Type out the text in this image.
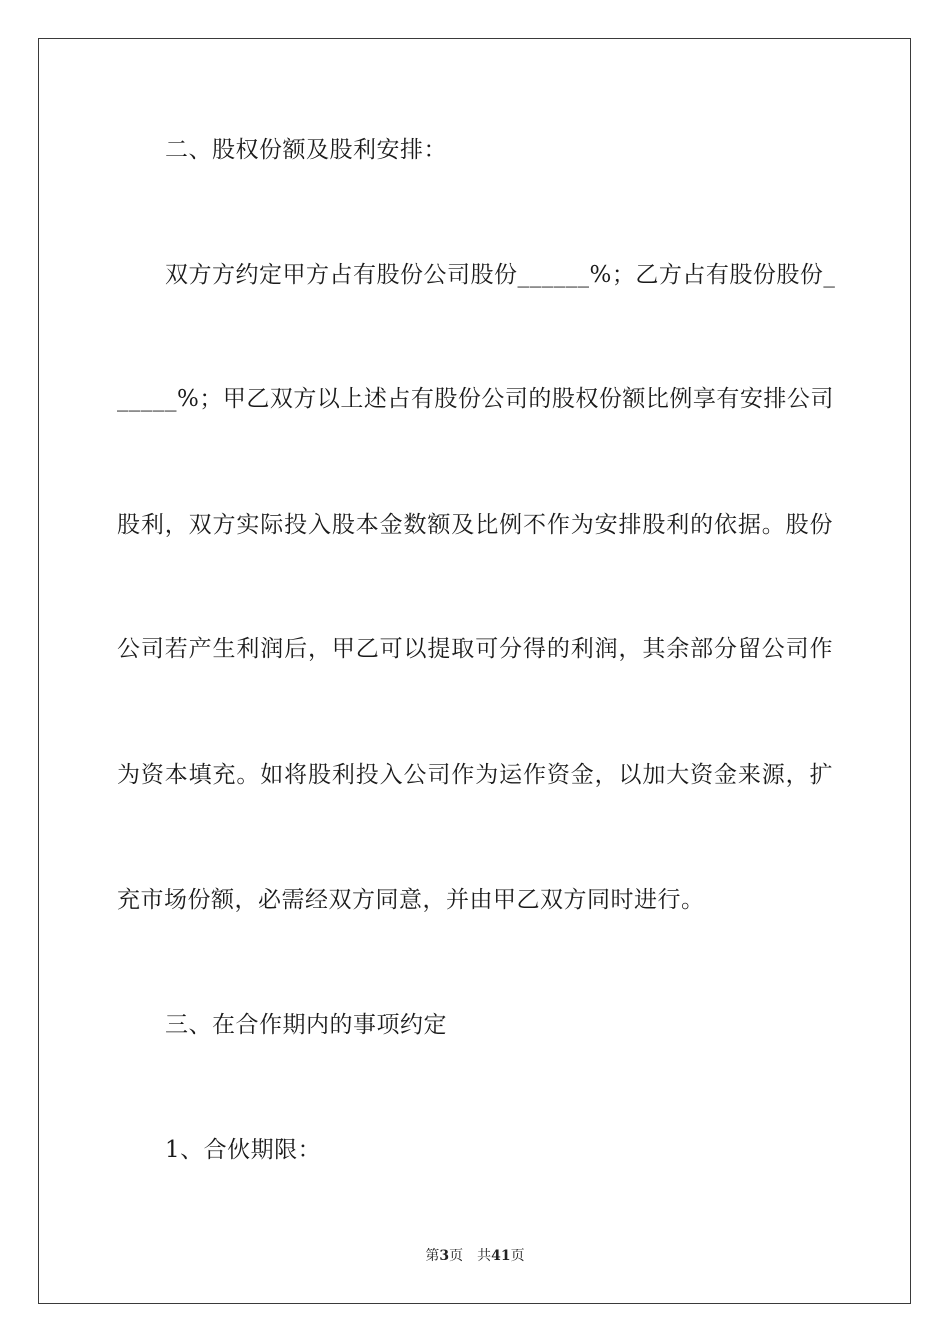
二、股权份额及股利安排：
双方方约定甲方占有股份公司股份______%；乙方占有股份股份_
_____%；甲乙双方以上述占有股份公司的股权份额比例享有安排公司
股利，双方实际投入股本金数额及比例不作为安排股利的依据。股份
公司若产生利润后，甲乙可以提取可分得的利润，其余部分留公司作
为资本填充。如将股利投入公司作为运作资金，以加大资金来源，扩
充市场份额，必需经双方同意，并由甲乙双方同时进行。
三、在合作期内的事项约定
1、合伙期限：
第3页 共41页
